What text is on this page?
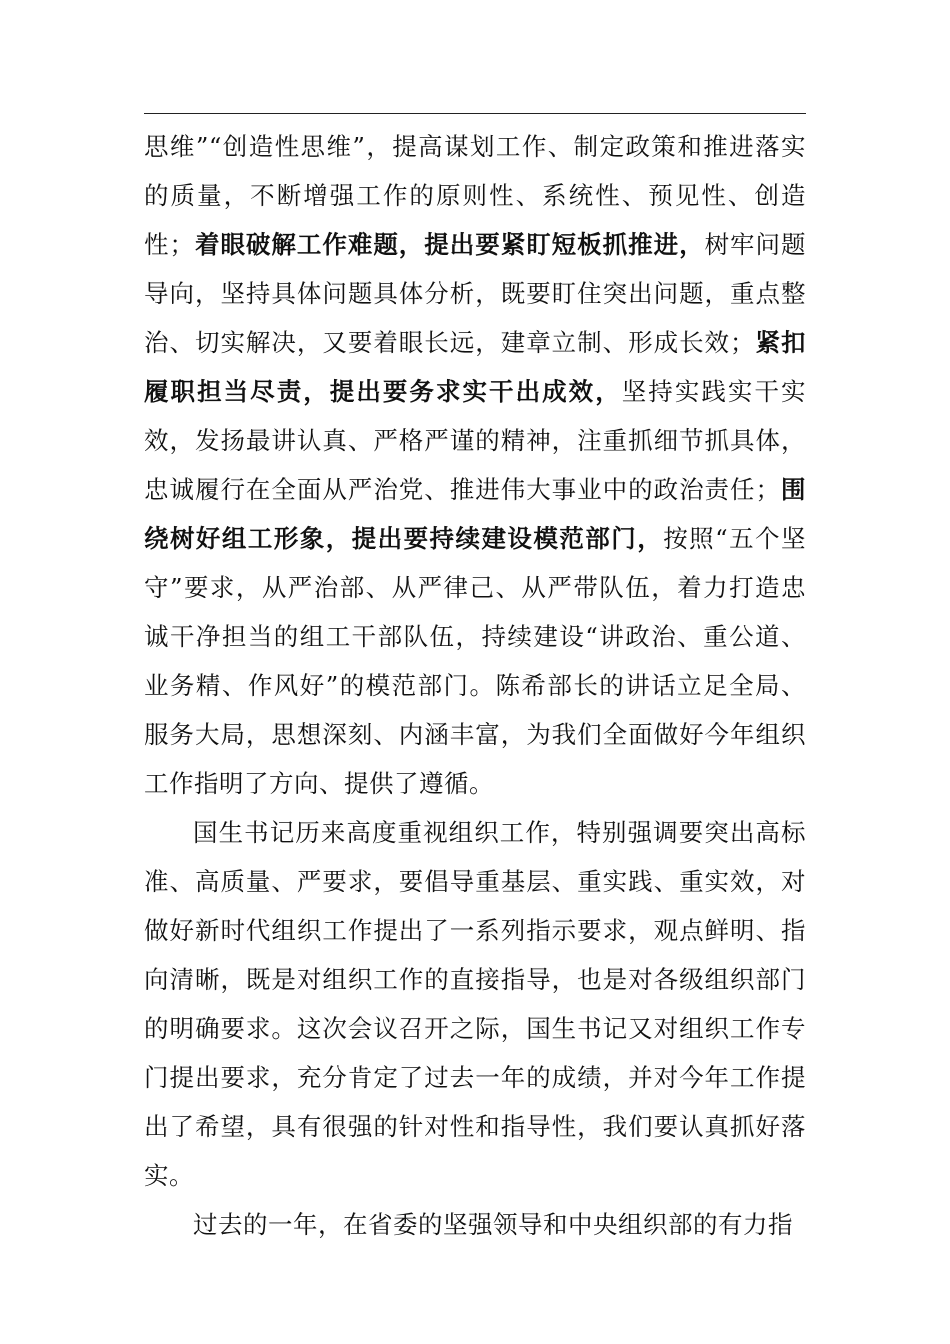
思维”“创造性思维”，提高谋划工作、制定政策和推进落实的质量，不断增强工作的原则性、系统性、预见性、创造性；着眼破解工作难题，提出要紧盯短板抓推进，树牢问题导向，坚持具体问题具体分析，既要盯住突出问题，重点整治、切实解决，又要着眼长远，建章立制、形成长效；紧扣履职担当尽责，提出要务求实干出成效，坚持实践实干实效，发扬最讲认真、严格严谨的精神，注重抓细节抓具体，忠诚履行在全面从严治党、推进伟大事业中的政治责任；围绕树好组工形象，提出要持续建设模范部门，按照“五个坚守”要求，从严治部、从严律己、从严带队伍，着力打造忠诚干净担当的组工干部队伍，持续建设“讲政治、重公道、业务精、作风好”的模范部门。陈希部长的讲话立足全局、服务大局，思想深刻、内涵丰富，为我们全面做好今年组织工作指明了方向、提供了遵循。

国生书记历来高度重视组织工作，特别强调要突出高标准、高质量、严要求，要倡导重基层、重实践、重实效，对做好新时代组织工作提出了一系列指示要求，观点鲜明、指向清晰，既是对组织工作的直接指导，也是对各级组织部门的明确要求。这次会议召开之际，国生书记又对组织工作专门提出要求，充分肯定了过去一年的成绩，并对今年工作提出了希望，具有很强的针对性和指导性，我们要认真抓好落实。

过去的一年，在省委的坚强领导和中央组织部的有力指
